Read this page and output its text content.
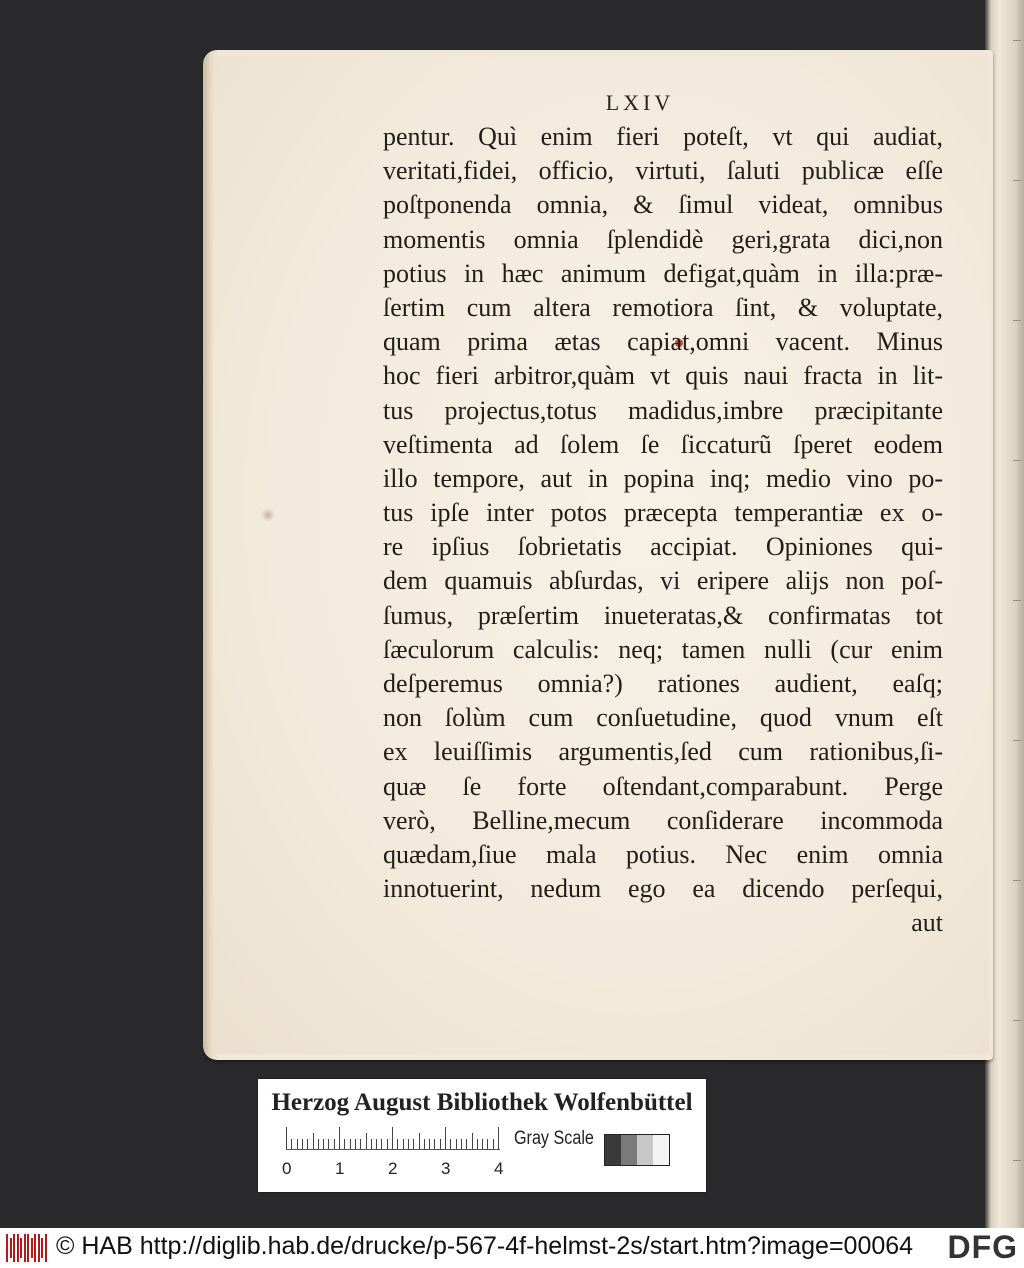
LXIV
pentur. Quì enim fieri poteſt, vt qui audiat,
veritati,fidei, officio, virtuti, ſaluti publicæ eſſe
poſtponenda omnia, & ſimul videat, omnibus
momentis omnia ſplendidè geri,grata dici,non
potius in hæc animum defigat,quàm in illa:præ-
ſertim cum altera remotiora ſint, & voluptate,
quam prima ætas capiat,omni vacent. Minus
hoc fieri arbitror,quàm vt quis naui fracta in lit-
tus projectus,totus madidus,imbre præcipitante
veſtimenta ad ſolem ſe ſiccaturũ ſperet eodem
illo tempore, aut in popina inq; medio vino po-
tus ipſe inter potos præcepta temperantiæ ex o-
re ipſius ſobrietatis accipiat. Opiniones qui-
dem quamuis abſurdas, vi eripere alijs non poſ-
ſumus, præſertim inueteratas,& confirmatas tot
ſæculorum calculis: neq; tamen nulli (cur enim
deſperemus omnia?) rationes audient, eaſq;
non ſolùm cum conſuetudine, quod vnum eſt
ex leuiſſimis argumentis,ſed cum rationibus,ſi-
quæ ſe forte oſtendant,comparabunt. Perge
verò, Belline,mecum conſiderare incommoda
quædam,ſiue mala potius. Nec enim omnia
innotuerint, nedum ego ea dicendo perſequi,
aut
Herzog August Bibliothek Wolfenbüttel
0	1	2	3	4
Gray Scale
© HAB http://diglib.hab.de/drucke/p-567-4f-helmst-2s/start.htm?image=00064 DFG
